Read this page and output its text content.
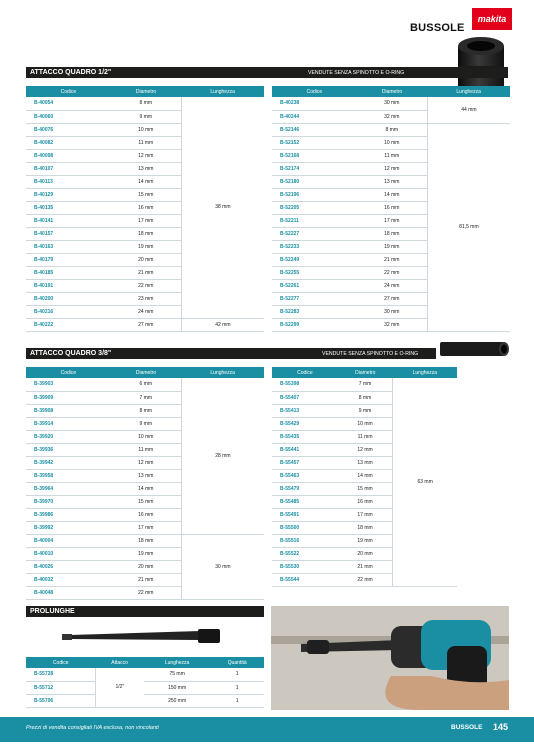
BUSSOLE
makita
ATTACCO QUADRO 1/2"	VENDUTE SENZA SPINOTTO E O-RING
Codice	Diametro	Lunghezza
B-40054	8 mm	38 mm
B-40060	9 mm	
B-40076	10 mm	
B-40082	11 mm	
B-40098	12 mm	
B-40107	13 mm	
B-40113	14 mm	
B-40129	15 mm	
B-40135	16 mm	
B-40141	17 mm	
B-40157	18 mm	
B-40163	19 mm	
B-40179	20 mm	
B-40185	21 mm	
B-40191	22 mm	
B-40200	23 mm	
B-40216	24 mm	
B-40222	27 mm	42 mm
Codice	Diametro	Lunghezza
B-40238	30 mm	44 mm
B-40244	32 mm	
B-52146	8 mm	81,5 mm
B-52152	10 mm	
B-52168	11 mm	
B-52174	12 mm	
B-52180	13 mm	
B-52196	14 mm	
B-52205	16 mm	
B-52211	17 mm	
B-52227	18 mm	
B-52233	19 mm	
B-52249	21 mm	
B-52255	22 mm	
B-52261	24 mm	
B-52277	27 mm	
B-52283	30 mm	
B-52299	32 mm	
ATTACCO QUADRO 3/8"	VENDUTE SENZA SPINOTTO E O-RING
Codice	Diametro	Lunghezza
B-39903	6 mm	28 mm
B-39909	7 mm	
B-39908	8 mm	
B-39914	9 mm	
B-39920	10 mm	
B-39936	11 mm	
B-39942	12 mm	
B-39958	13 mm	
B-39964	14 mm	
B-39970	15 mm	
B-39986	16 mm	
B-39992	17 mm	
B-40004	18 mm	30 mm
B-40010	19 mm	
B-40026	20 mm	
B-40032	21 mm	
B-40048	22 mm	
Codice	Diametro	Lunghezza
B-55398	7 mm	63 mm
B-55407	8 mm	
B-55413	9 mm	
B-55429	10 mm	
B-55435	11 mm	
B-55441	12 mm	
B-55457	13 mm	
B-55463	14 mm	
B-55479	15 mm	
B-55485	16 mm	
B-55491	17 mm	
B-55500	18 mm	
B-55516	19 mm	
B-55522	20 mm	
B-55530	21 mm	
B-55544	22 mm	
PROLUNGHE
Codice	Attacco	Lunghezza	Quantità
B-55728	1/2"	75 mm	1
B-55712		150 mm	1
B-55706		250 mm	1
Prezzi di vendita consigliati IVA esclusa, non vincolanti	BUSSOLE 145
